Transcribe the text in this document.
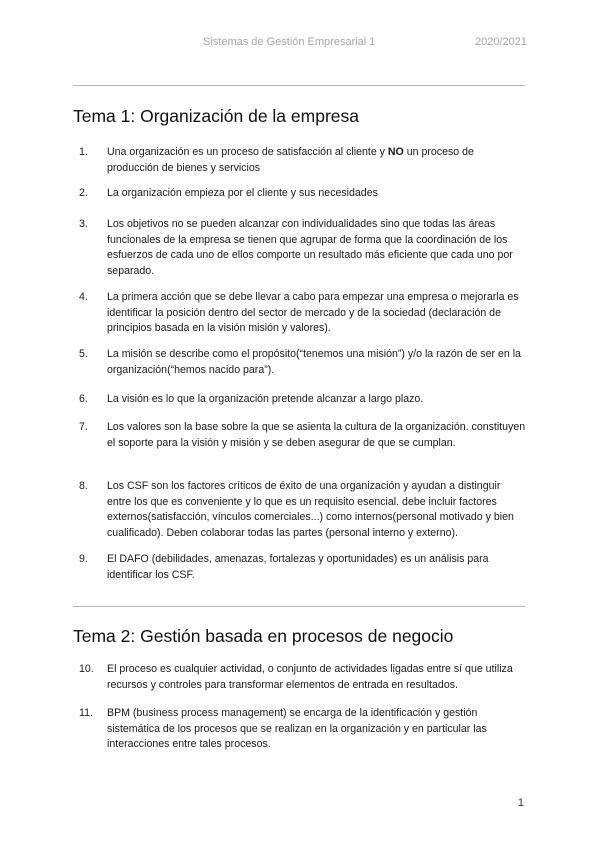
Sistemas de Gestión Empresarial 1	2020/2021
Tema 1: Organización de la empresa
1.	Una organización es un proceso de satisfacción al cliente y NO un proceso de producción de bienes y servicios
2.	La organización empieza por el cliente y sus necesidades
3.	Los objetivos no se pueden alcanzar con individualidades sino que todas las áreas funcionales de la empresa se tienen que agrupar de forma que la coordinación de los esfuerzos de cada uno de ellos comporte un resultado más eficiente que cada uno por separado.
4.	La primera acción que se debe llevar a cabo para empezar una empresa o mejorarla es identificar la posición dentro del sector de mercado y de la sociedad (declaración de principios basada en la visión misión y valores).
5.	La misión se describe como el propósito(“tenemos una misión”) y/o la razón de ser en la organización(“hemos nacido para”).
6.	La visión es lo que la organización pretende alcanzar a largo plazo.
7.	Los valores son la base sobre la que se asienta la cultura de la organización. constituyen el soporte para la visión y misión y se deben asegurar de que se cumplan.
8.	Los CSF son los factores críticos de éxito de una organización y ayudan a distinguir entre los que es conveniente y lo que es un requisito esencial. debe incluir factores externos(satisfacción, vínculos comerciales...) como internos(personal motivado y bien cualificado). Deben colaborar todas las partes (personal interno y externo).
9.	El DAFO (debilidades, amenazas, fortalezas y oportunidades) es un análisis para identificar los CSF.
Tema 2: Gestión basada en procesos de negocio
10.	El proceso es cualquier actividad, o conjunto de actividades ligadas entre sí que utiliza recursos y controles para transformar elementos de entrada en resultados.
11.	BPM (business process management) se encarga de la identificación y gestión sistemática de los procesos que se realizan en la organización y en particular las interacciones entre tales procesos.
1
